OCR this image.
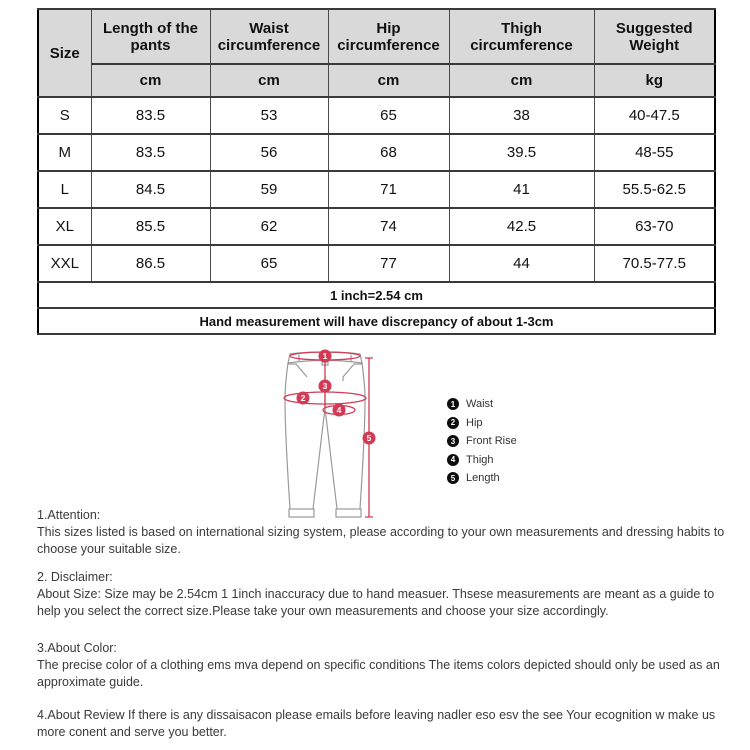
Size	Length of the pants	Waist circumference	Hip circumference	Thigh circumference	Suggested Weight
	cm	cm	cm	cm	kg
S	83.5	53	65	38	40-47.5
M	83.5	56	68	39.5	48-55
L	84.5	59	71	41	55.5-62.5
XL	85.5	62	74	42.5	63-70
XXL	86.5	65	77	44	70.5-77.5
1 inch=2.54 cm					
Hand measurement will have discrepancy of about 1-3cm					
1
2
3
4
5
1 Waist
2 Hip
3 Front Rise
4 Thigh
5 Length

1.Attention:

This sizes listed is based on international sizing system, please according to your own measurements and dressing habits to choose your suitable size.

2. Disclaimer:

About Size: Size may be 2.54cm 1 1inch inaccuracy due to hand measuer. Thsese measurements are meant as a guide to help you select the correct size.Please take your own measurements and choose your size accordingly.

3.About Color:

The precise color of a clothing ems mva depend on specific conditions The items colors depicted should only be used as an approximate guide.

4.About Review If there is any dissaisacon please emails before leaving nadler eso esv the see Your ecognition w make us more conent and serve you better.
